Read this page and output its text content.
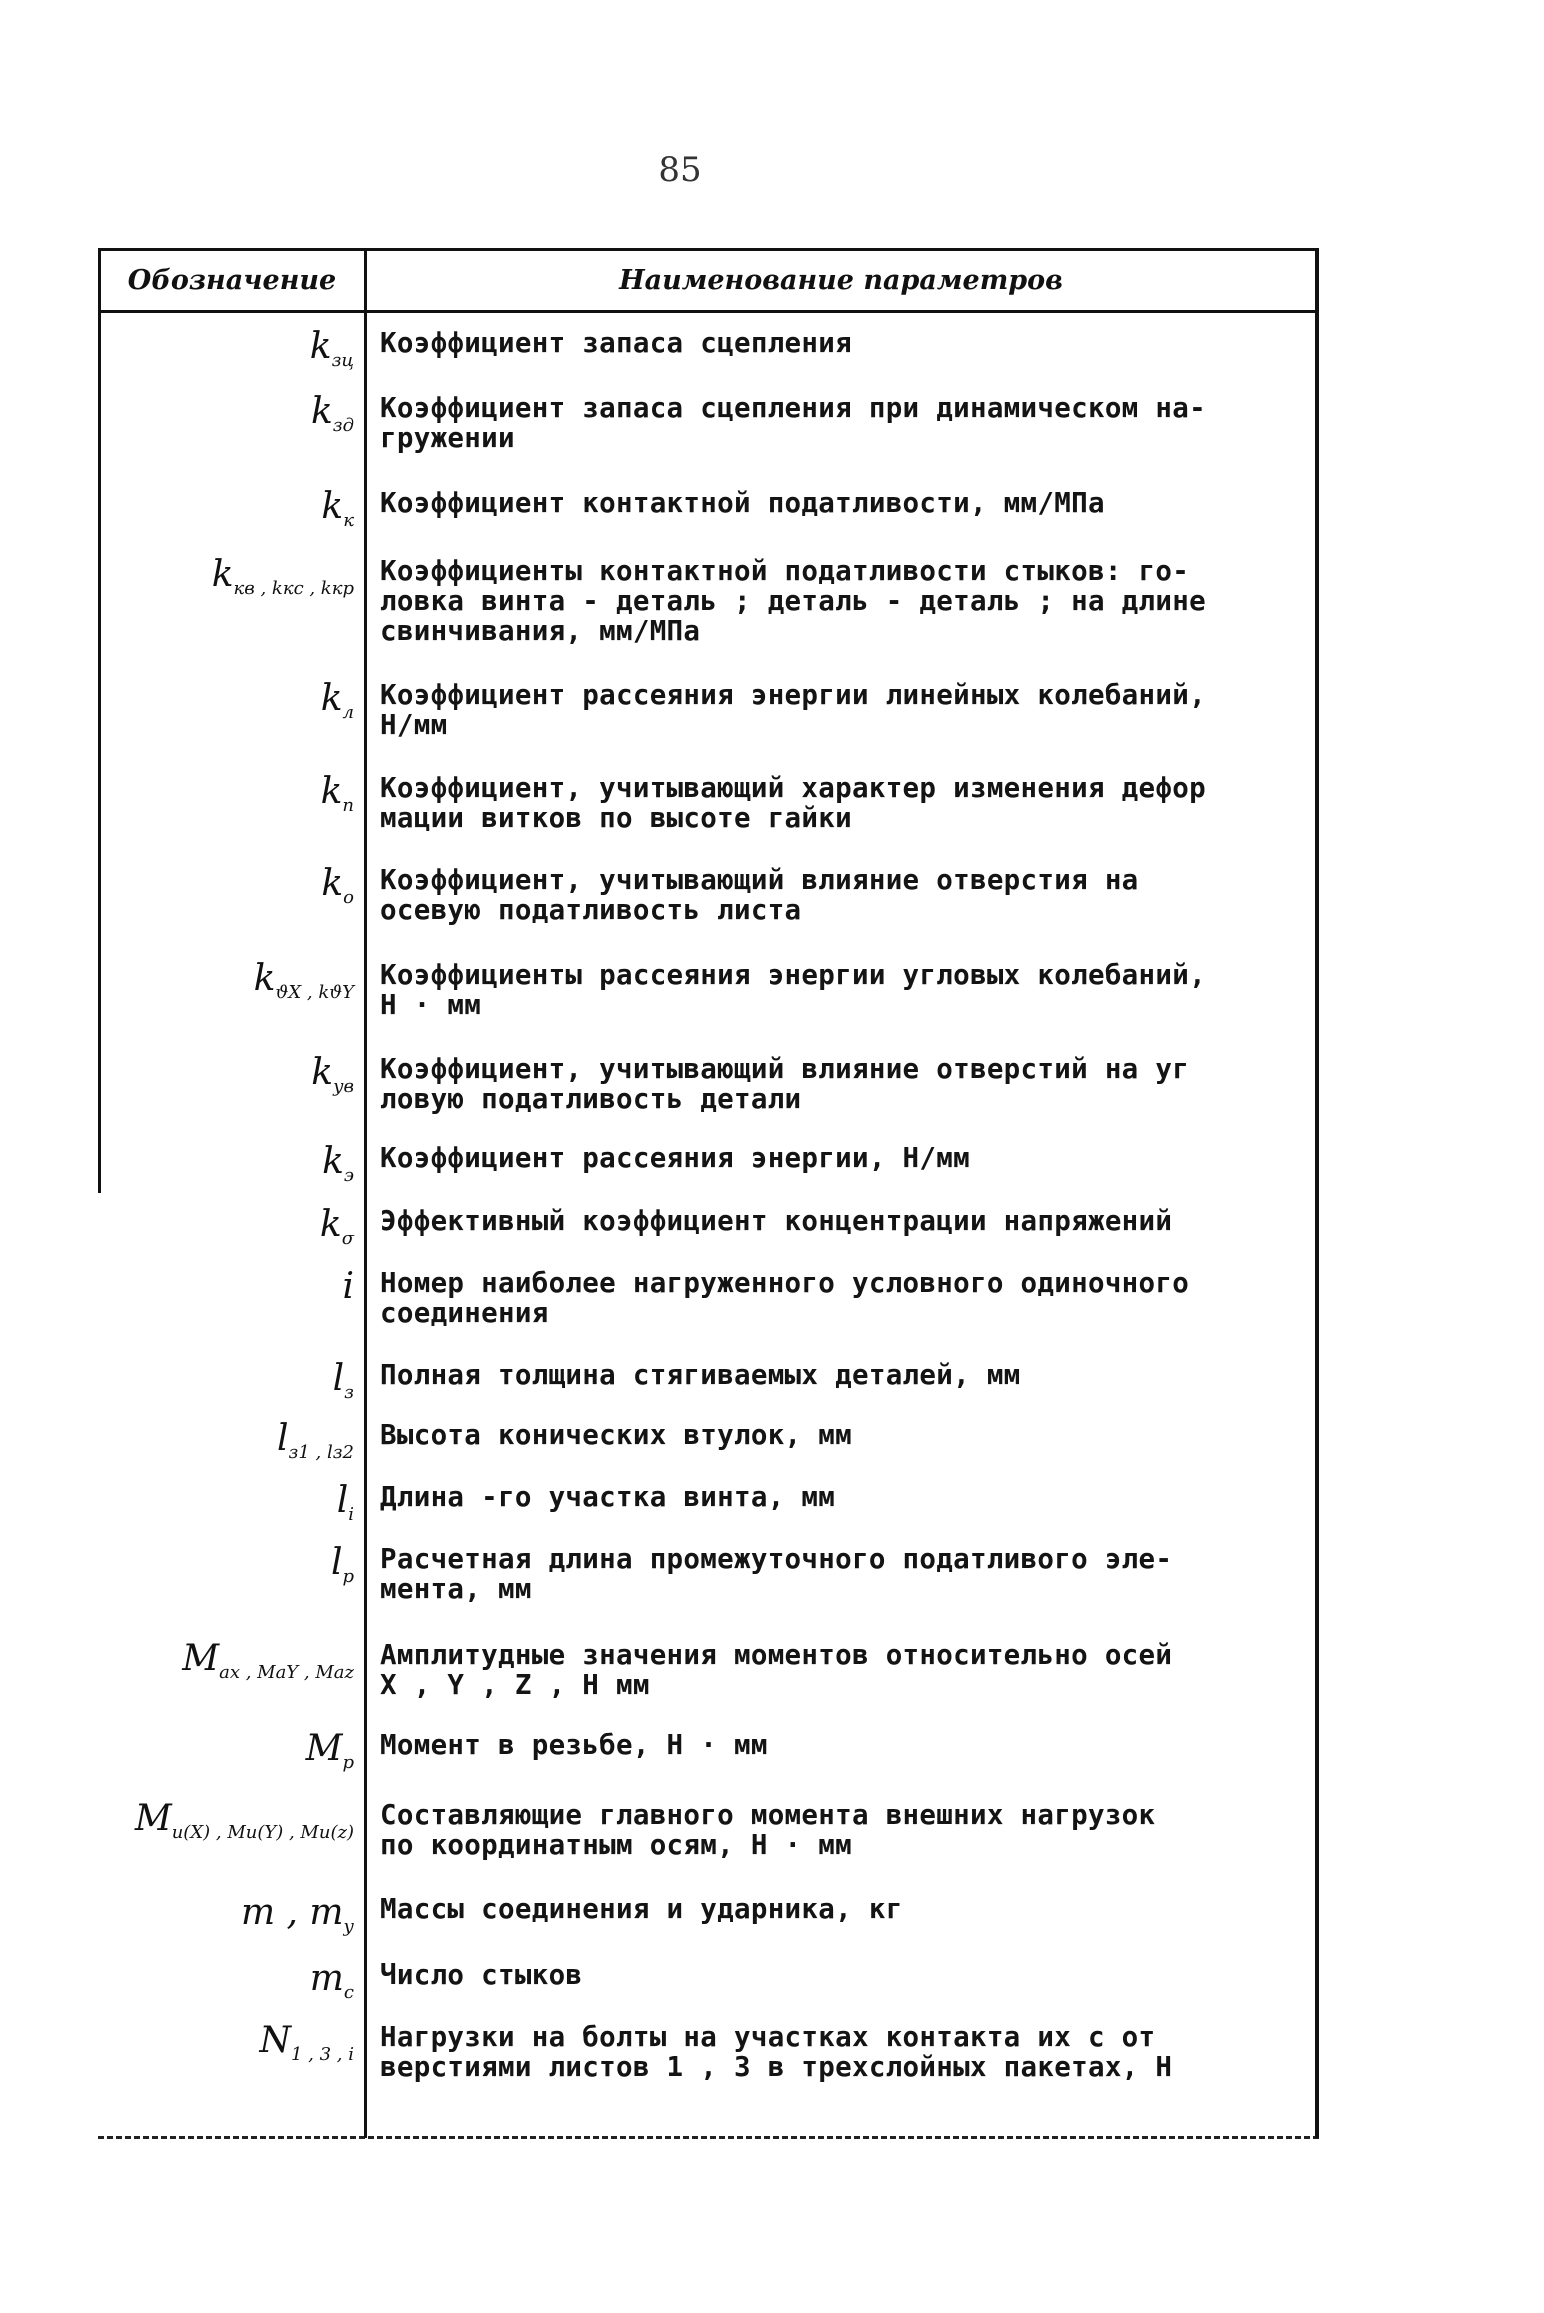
85
Обозначение	Наименование параметров
$k_{зц}$
Коэффициент запаса сцепления
$k_{зд}$
Коэффициент запаса сцепления при динамическом на-
гружении
$k_к$
Коэффициент контактной податливости, мм/МПа
$k_{кв , kкс , kкр}$
Коэффициенты контактной податливости стыков: го-
ловка винта - деталь ; деталь - деталь ; на длине
свинчивания, мм/МПа
$k_л$
Коэффициент рассеяния энергии линейных колебаний,
Н/мм
$k_п$
Коэффициент, учитывающий характер изменения дефор
мации витков по высоте гайки
$k_о$
Коэффициент, учитывающий влияние отверстия на
осевую податливость листа
$k_{ϑX , kϑY}$
Коэффициенты рассеяния энергии угловых колебаний,
Н · мм
$k_{ув}$
Коэффициент, учитывающий влияние отверстий на уг
ловую податливость детали
$k_э$
Коэффициент рассеяния энергии, Н/мм
$k_\sigma$
Эффективный коэффициент концентрации напряжений
i Номер наиболее нагруженного условного одиночного
соединения
$l_з$
Полная толщина стягиваемых деталей, мм
$l_{з1 , lз2}$
Высота конических втулок, мм
$l_i$
Длина -го участка винта, мм
$l_р$
Расчетная длина промежуточного податливого эле-
мента, мм
$M_{ax , MaY , Maz}$
Амплитудные значения моментов относительно осей
X , Y , Z , Н мм
$M_р$
Момент в резьбе, Н · мм
$M_{и(X) , Mи(Y) , Mи(z)}$
Составляющие главного момента внешних нагрузок
по координатным осям, Н · мм
m , $m_у$
Массы соединения и ударника, кг
$m_с$
Число стыков
$N_{1 , 3 , i}$
Нагрузки на болты на участках контакта их с от
верстиями листов 1 , 3 в трехслойных пакетах, Н
